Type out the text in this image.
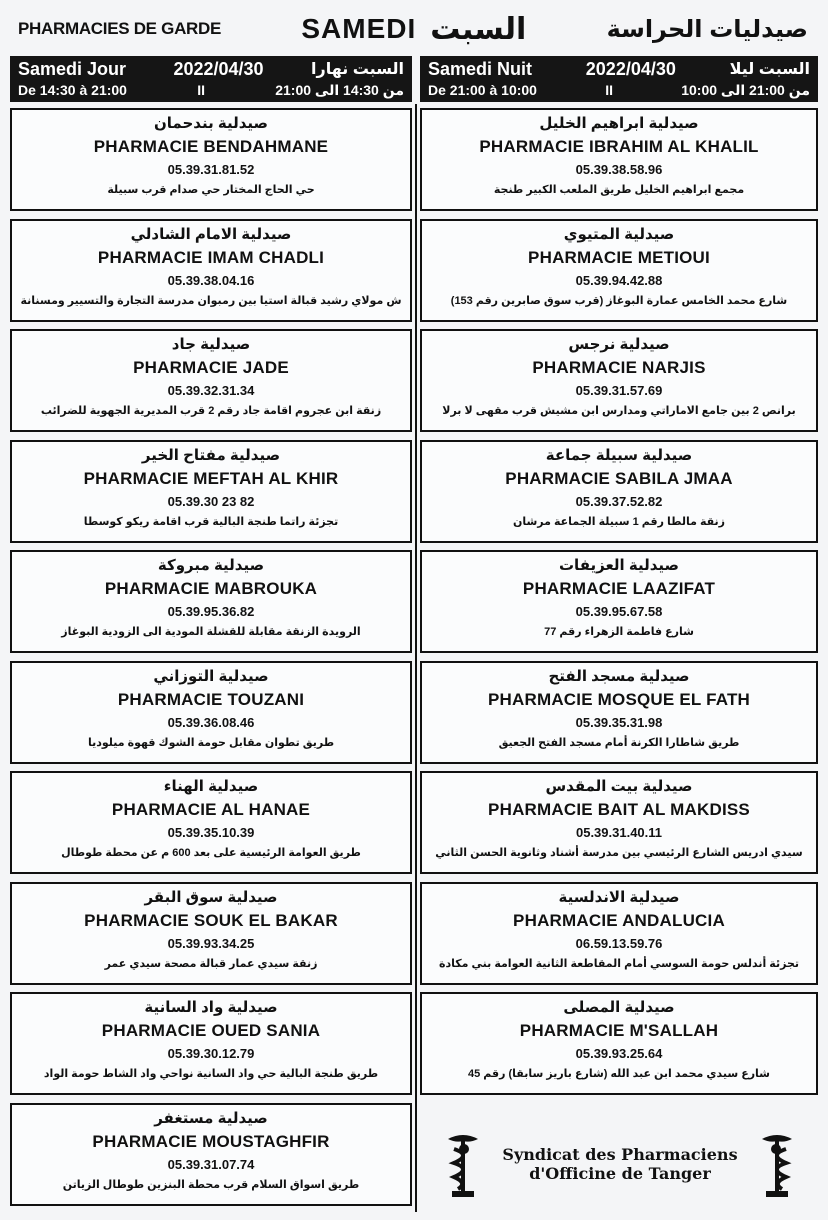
PHARMACIES DE GARDE	SAMEDI السبت	صيدليات الحراسة
Samedi Jour	2022/04/30	السبت نهارا
De 14:30 à 21:00	II	من 14:30 الى 21:00
Samedi Nuit	2022/04/30	السبت ليلا
De 21:00 à 10:00	II	من 21:00 الى 10:00
صيدلية بندحمان
PHARMACIE BENDAHMANE
05.39.31.81.52
حي الحاج المختار حي صدام قرب سبيلة
صيدلية الامام الشادلي
PHARMACIE IMAM CHADLI
05.39.38.04.16
ش مولاي رشيد قبالة استيا بين رمبوان مدرسة التجارة والتسيير ومسنانة
صيدلية جاد
PHARMACIE JADE
05.39.32.31.34
زنقة ابن عجروم اقامة جاد رقم 2 قرب المديرية الجهوية للضرائب
صيدلية مفتاح الخير
PHARMACIE MEFTAH AL KHIR
05.39.30 23 82
تجزئة راتما طنجة البالية قرب اقامة ريكو كوسطا
صيدلية مبروكة
PHARMACIE MABROUKA
05.39.95.36.82
الرويدة الزنقة مقابلة للقشلة المودية الى الزودية البوغاز
صيدلية التوزاني
PHARMACIE TOUZANI
05.39.36.08.46
طريق تطوان مقابل حومة الشوك قهوة ميلوديا
صيدلية الهناء
PHARMACIE AL HANAE
05.39.35.10.39
طريق العوامة الرئيسية على بعد 600 م عن محطة طوطال
صيدلية سوق البقر
PHARMACIE SOUK EL BAKAR
05.39.93.34.25
زنقة سيدي عمار قبالة مصحة سيدي عمر
صيدلية واد السانية
PHARMACIE OUED SANIA
05.39.30.12.79
طريق طنجة البالية حي واد السانية نواحي واد الشاط حومة الواد
صيدلية مستغفر
PHARMACIE MOUSTAGHFIR
05.39.31.07.74
طريق اسواق السلام قرب محطة البنزين طوطال الزياتن
صيدلية ابراهيم الخليل
PHARMACIE IBRAHIM AL KHALIL
05.39.38.58.96
مجمع ابراهيم الخليل طريق الملعب الكبير طنجة
صيدلية المتيوي
PHARMACIE METIOUI
05.39.94.42.88
شارع محمد الخامس عمارة البوغاز (قرب سوق صابرين رقم 153)
صيدلية نرجس
PHARMACIE NARJIS
05.39.31.57.69
برانص 2 بين جامع الاماراتي ومدارس ابن مشيش قرب مقهى لا برلا
صيدلية سبيلة جماعة
PHARMACIE SABILA JMAA
05.39.37.52.82
زنقة مالطا رقم 1 سبيلة الجماعة مرشان
صيدلية العزيفات
PHARMACIE LAAZIFAT
05.39.95.67.58
شارع فاطمة الزهراء رقم 77
صيدلية مسجد الفتح
PHARMACIE MOSQUE EL FATH
05.39.35.31.98
طريق شاطارا الكرنة أمام مسجد الفتح الجعيق
صيدلية بيت المقدس
PHARMACIE BAIT AL MAKDISS
05.39.31.40.11
سيدي ادريس الشارع الرئيسي بين مدرسة أشناد وثانوية الحسن الثاني
صيدلية الاندلسية
PHARMACIE ANDALUCIA
06.59.13.59.76
تجزئة أندلس حومة السوسي أمام المقاطعة الثانية العوامة بني مكادة
صيدلية المصلى
PHARMACIE M'SALLAH
05.39.93.25.64
شارع سيدي محمد ابن عبد الله (شارع باريز سابقا) رقم 45
Syndicat des Pharmaciens
d'Officine de Tanger
